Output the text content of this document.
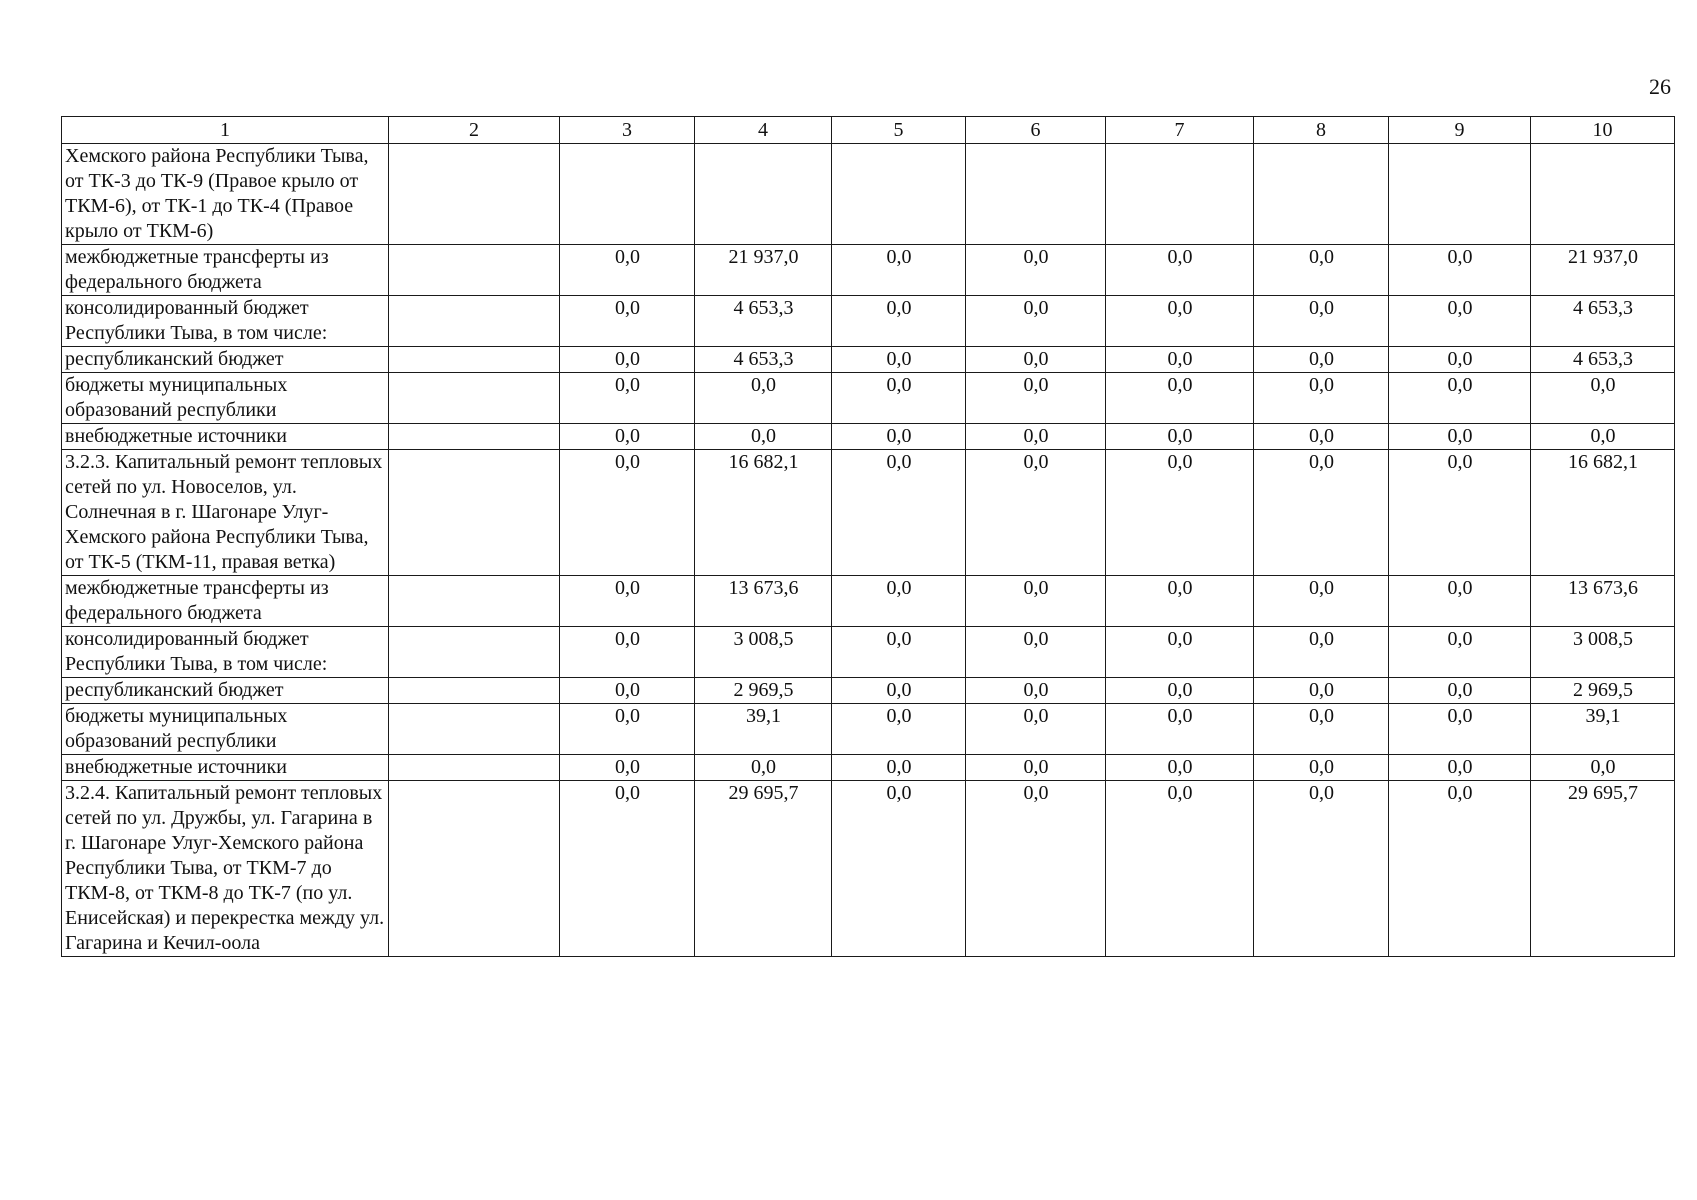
26
1	2	3	4	5	6	7	8	9	10
Хемского района Республики Тыва, от ТК-3 до ТК-9 (Правое крыло от ТКМ-6), от ТК-1 до ТК-4 (Правое крыло от ТКМ-6)									
межбюджетные трансферты из федерального бюджета		0,0	21 937,0	0,0	0,0	0,0	0,0	0,0	21 937,0
консолидированный бюджет Республики Тыва, в том числе:		0,0	4 653,3	0,0	0,0	0,0	0,0	0,0	4 653,3
республиканский бюджет		0,0	4 653,3	0,0	0,0	0,0	0,0	0,0	4 653,3
бюджеты муниципальных образований республики		0,0	0,0	0,0	0,0	0,0	0,0	0,0	0,0
внебюджетные источники		0,0	0,0	0,0	0,0	0,0	0,0	0,0	0,0
3.2.3. Капитальный ремонт тепловых сетей по ул. Новоселов, ул. Солнечная в г. Шагонаре Улуг-Хемского района Республики Тыва, от ТК-5 (ТКМ-11, правая ветка)		0,0	16 682,1	0,0	0,0	0,0	0,0	0,0	16 682,1
межбюджетные трансферты из федерального бюджета		0,0	13 673,6	0,0	0,0	0,0	0,0	0,0	13 673,6
консолидированный бюджет Республики Тыва, в том числе:		0,0	3 008,5	0,0	0,0	0,0	0,0	0,0	3 008,5
республиканский бюджет		0,0	2 969,5	0,0	0,0	0,0	0,0	0,0	2 969,5
бюджеты муниципальных образований республики		0,0	39,1	0,0	0,0	0,0	0,0	0,0	39,1
внебюджетные источники		0,0	0,0	0,0	0,0	0,0	0,0	0,0	0,0
3.2.4. Капитальный ремонт тепловых сетей по ул. Дружбы, ул. Гагарина в г. Шагонаре Улуг-Хемского района Республики Тыва, от ТКМ-7 до ТКМ-8, от ТКМ-8 до ТК-7 (по ул. Енисейская) и перекрестка между ул. Гагарина и Кечил-оола		0,0	29 695,7	0,0	0,0	0,0	0,0	0,0	29 695,7
